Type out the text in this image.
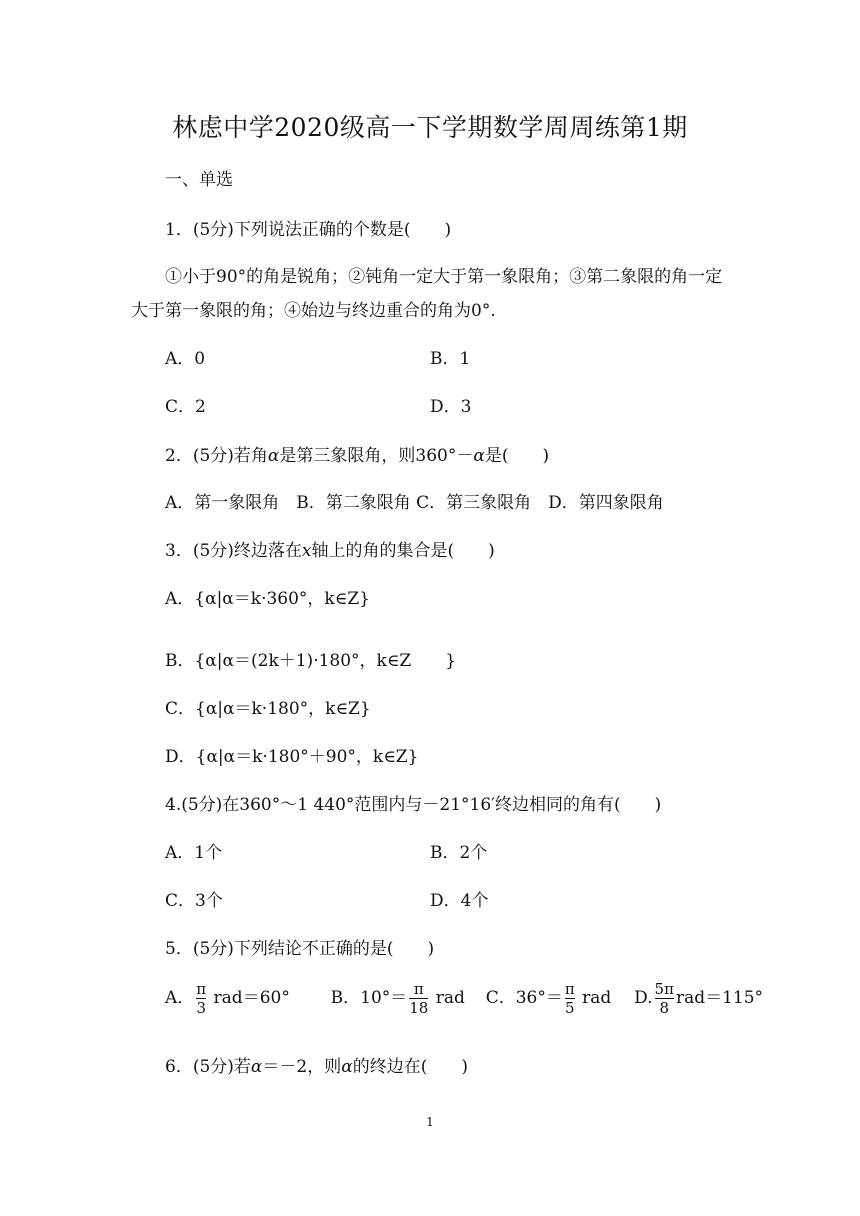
林虑中学2020级高一下学期数学周周练第1期
一、单选
1．(5分)下列说法正确的个数是(　　)
①小于90°的角是锐角；②钝角一定大于第一象限角；③第二象限的角一定
大于第一象限的角；④始边与终边重合的角为0°.
A．0	B．1
C．2	D．3
2．(5分)若角α是第三象限角，则360°－α是(　　)
A．第一象限角　B．第二象限角 C．第三象限角　D．第四象限角
3．(5分)终边落在x轴上的角的集合是(　　)
A．{α|α＝k·360°，k∈Z}
B．{α|α＝(2k＋1)·180°，k∈Z　　}
C．{α|α＝k·180°，k∈Z}
D．{α|α＝k·180°＋90°，k∈Z}
4.(5分)在360°～1 440°范围内与－21°16′终边相同的角有(　　)
A．1个	B．2个
C．3个	D．4个
5．(5分)下列结论不正确的是(　　)
A． $\frac{\pi}{3} rad=60^\circ$ B．$10^\circ= \frac{\pi}{18}$ rad C．$36^\circ= \frac{\pi}{5}$ rad D. $\frac{5\pi}{8} rad=115^\circ$
6．(5分)若α＝－2，则α的终边在(　　)
1
